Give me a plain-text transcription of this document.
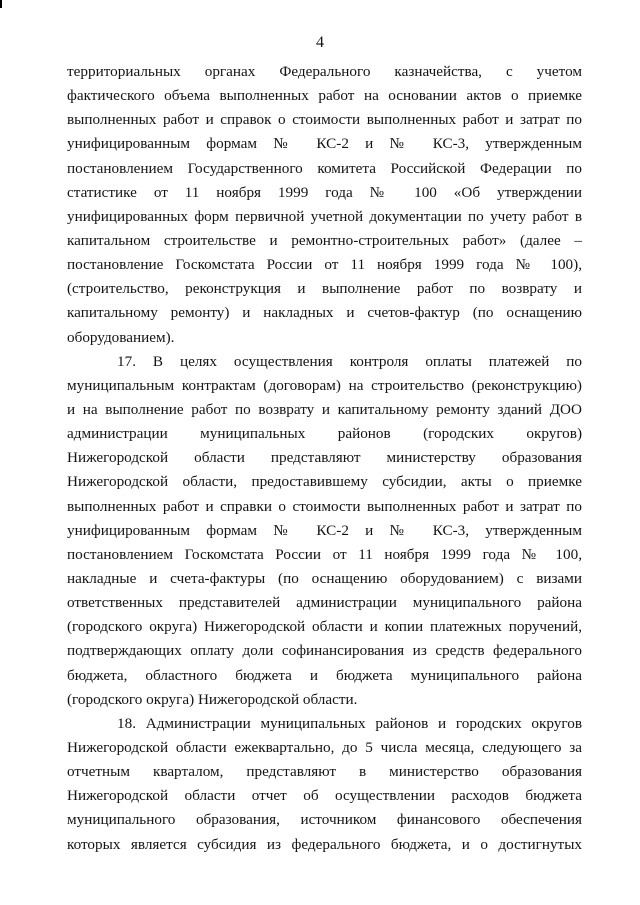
4
территориальных органах Федерального казначейства, с учетом
фактического объема выполненных работ на основании актов о приемке
выполненных работ и справок о стоимости выполненных работ и затрат по
унифицированным формам № КС-2 и № КС-3, утвержденным
постановлением Государственного комитета Российской Федерации по
статистике от 11 ноября 1999 года № 100 «Об утверждении
унифицированных форм первичной учетной документации по учету работ в
капитальном строительстве и ремонтно-строительных работ» (далее –
постановление Госкомстата России от 11 ноября 1999 года № 100),
(строительство, реконструкция и выполнение работ по возврату и
капитальному ремонту) и накладных и счетов-фактур (по оснащению
оборудованием).
17. В целях осуществления контроля оплаты платежей по
муниципальным контрактам (договорам) на строительство (реконструкцию)
и на выполнение работ по возврату и капитальному ремонту зданий ДОО
администрации муниципальных районов (городских округов)
Нижегородской области представляют министерству образования
Нижегородской области, предоставившему субсидии, акты о приемке
выполненных работ и справки о стоимости выполненных работ и затрат по
унифицированным формам № КС-2 и № КС-3, утвержденным
постановлением Госкомстата России от 11 ноября 1999 года № 100,
накладные и счета-фактуры (по оснащению оборудованием) с визами
ответственных представителей администрации муниципального района
(городского округа) Нижегородской области и копии платежных поручений,
подтверждающих оплату доли софинансирования из средств федерального
бюджета, областного бюджета и бюджета муниципального района
(городского округа) Нижегородской области.
18. Администрации муниципальных районов и городских округов
Нижегородской области ежеквартально, до 5 числа месяца, следующего за
отчетным кварталом, представляют в министерство образования
Нижегородской области отчет об осуществлении расходов бюджета
муниципального образования, источником финансового обеспечения
которых является субсидия из федерального бюджета, и о достигнутых
